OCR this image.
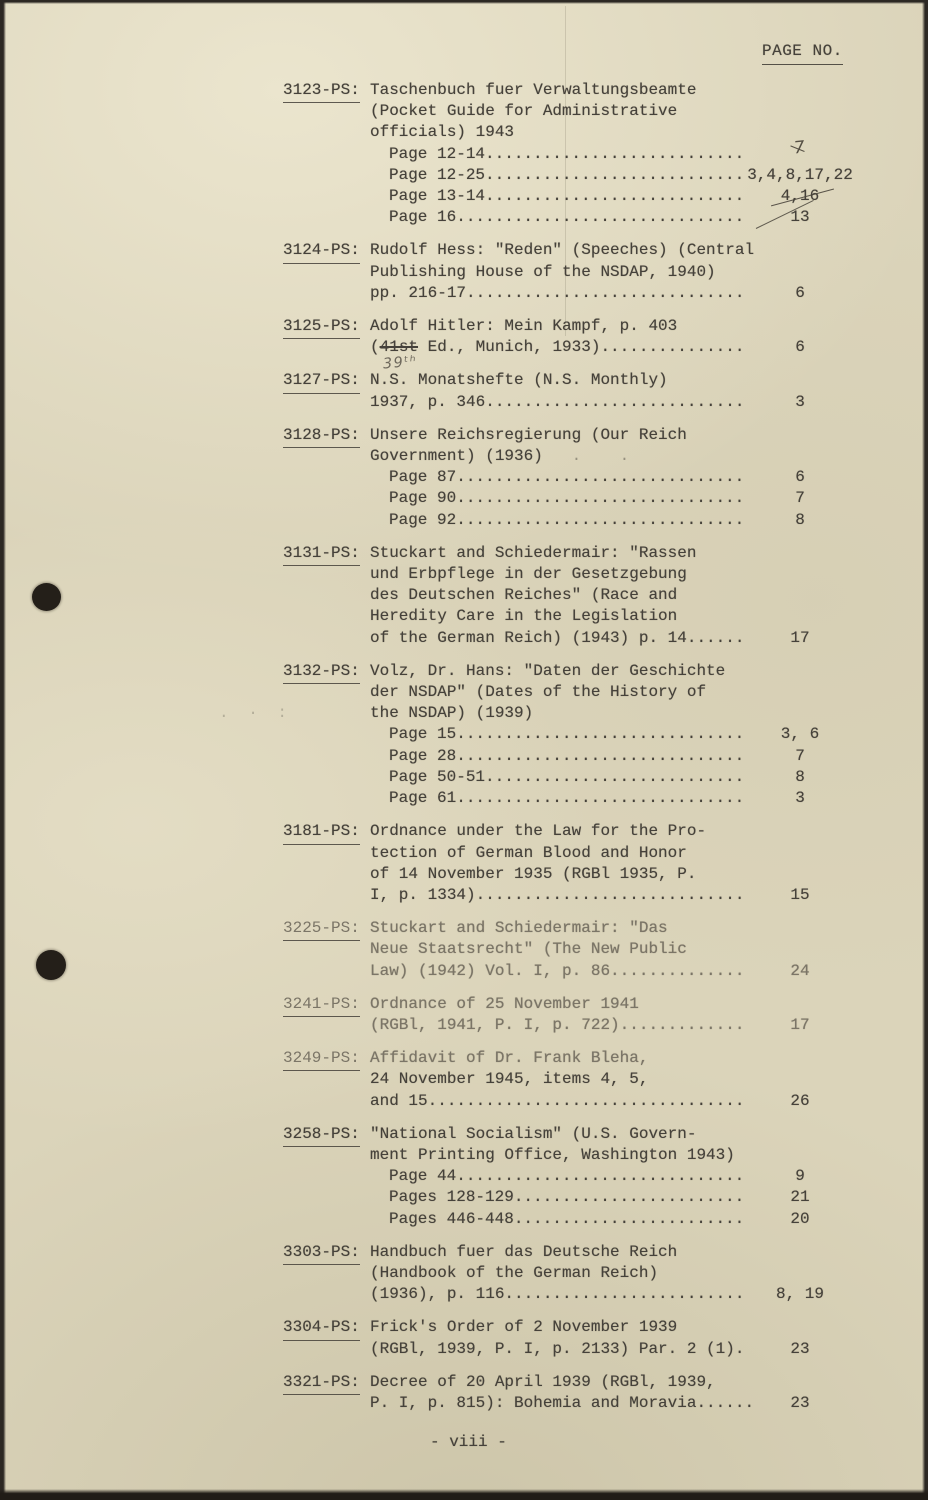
PAGE NO.
3123-PS: Taschenbuch fuer Verwaltungsbeamte
(Pocket Guide for Administrative
officials) 1943
Page 12-14...........................	7
Page 12-25........................... 3,4,8,17,22
Page 13-14...........................	4,16
Page 16..............................	13
3124-PS: Rudolf Hess: "Reden" (Speeches) (Central
Publishing House of the NSDAP, 1940)
pp. 216-17.............................	6
3125-PS: Adolf Hitler: Mein Kampf, p. 403
(41st Ed., Munich, 1933)...............	6
39ᵗʰ
3127-PS: N.S. Monatshefte (N.S. Monthly)
1937, p. 346...........................	3
3128-PS: Unsere Reichsregierung (Our Reich
Government) (1936)   .    .
Page 87..............................	6
Page 90..............................	7
Page 92..............................	8
3131-PS: Stuckart and Schiedermair: "Rassen
und Erbpflege in der Gesetzgebung
des Deutschen Reiches" (Race and
Heredity Care in the Legislation
of the German Reich) (1943) p. 14......	17
3132-PS: Volz, Dr. Hans: "Daten der Geschichte
der NSDAP" (Dates of the History of
. · :	the NSDAP) (1939)
Page 15..............................	3, 6
Page 28..............................	7
Page 50-51...........................	8
Page 61..............................	3
3181-PS: Ordnance under the Law for the Pro-
tection of German Blood and Honor
of 14 November 1935 (RGBl 1935, P.
I, p. 1334)............................	15
3225-PS: Stuckart and Schiedermair: "Das
Neue Staatsrecht" (The New Public
Law) (1942) Vol. I, p. 86..............	24
3241-PS: Ordnance of 25 November 1941
(RGBl, 1941, P. I, p. 722).............	17
3249-PS: Affidavit of Dr. Frank Bleha,
24 November 1945, items 4, 5,
and 15.................................	26
3258-PS: "National Socialism" (U.S. Govern-
ment Printing Office, Washington 1943)
Page 44..............................	9
Pages 128-129........................	21
Pages 446-448........................	20
3303-PS: Handbuch fuer das Deutsche Reich
(Handbook of the German Reich)
(1936), p. 116.........................	8, 19
3304-PS: Frick's Order of 2 November 1939
(RGBl, 1939, P. I, p. 2133) Par. 2 (1).	23
3321-PS: Decree of 20 April 1939 (RGBl, 1939,
P. I, p. 815): Bohemia and Moravia......	23
- viii -
